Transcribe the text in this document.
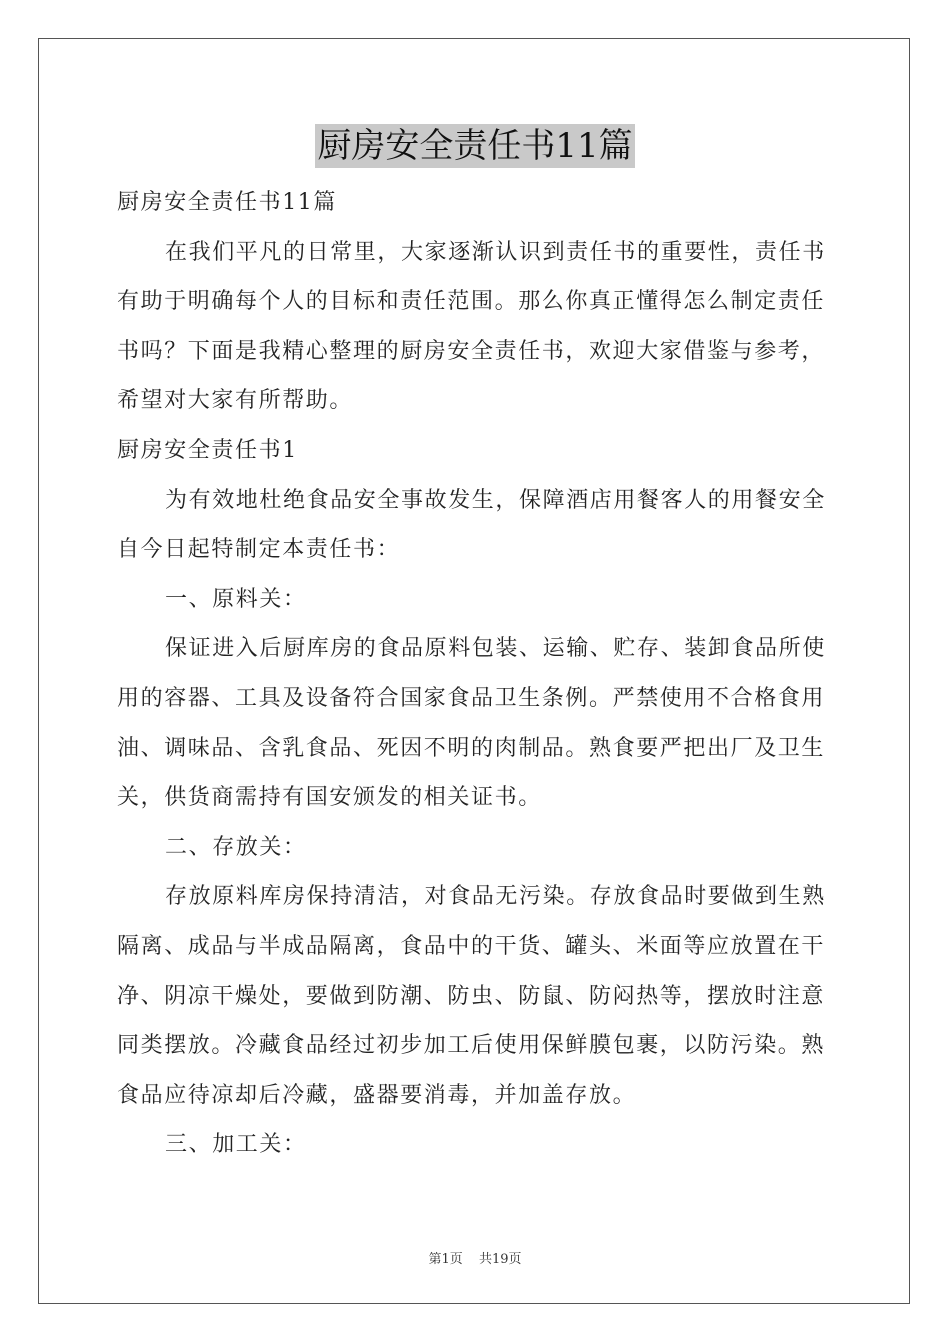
厨房安全责任书11篇
厨房安全责任书11篇
在我们平凡的日常里，大家逐渐认识到责任书的重要性，责任书
有助于明确每个人的目标和责任范围。那么你真正懂得怎么制定责任
书吗？下面是我精心整理的厨房安全责任书，欢迎大家借鉴与参考，
希望对大家有所帮助。
厨房安全责任书1
为有效地杜绝食品安全事故发生，保障酒店用餐客人的用餐安全
自今日起特制定本责任书：
一、原料关：
保证进入后厨库房的食品原料包装、运输、贮存、装卸食品所使
用的容器、工具及设备符合国家食品卫生条例。严禁使用不合格食用
油、调味品、含乳食品、死因不明的肉制品。熟食要严把出厂及卫生
关，供货商需持有国安颁发的相关证书。
二、存放关：
存放原料库房保持清洁，对食品无污染。存放食品时要做到生熟
隔离、成品与半成品隔离，食品中的干货、罐头、米面等应放置在干
净、阴凉干燥处，要做到防潮、防虫、防鼠、防闷热等，摆放时注意
同类摆放。冷藏食品经过初步加工后使用保鲜膜包裹，以防污染。熟
食品应待凉却后冷藏，盛器要消毒，并加盖存放。
三、加工关：
第1页 共19页
